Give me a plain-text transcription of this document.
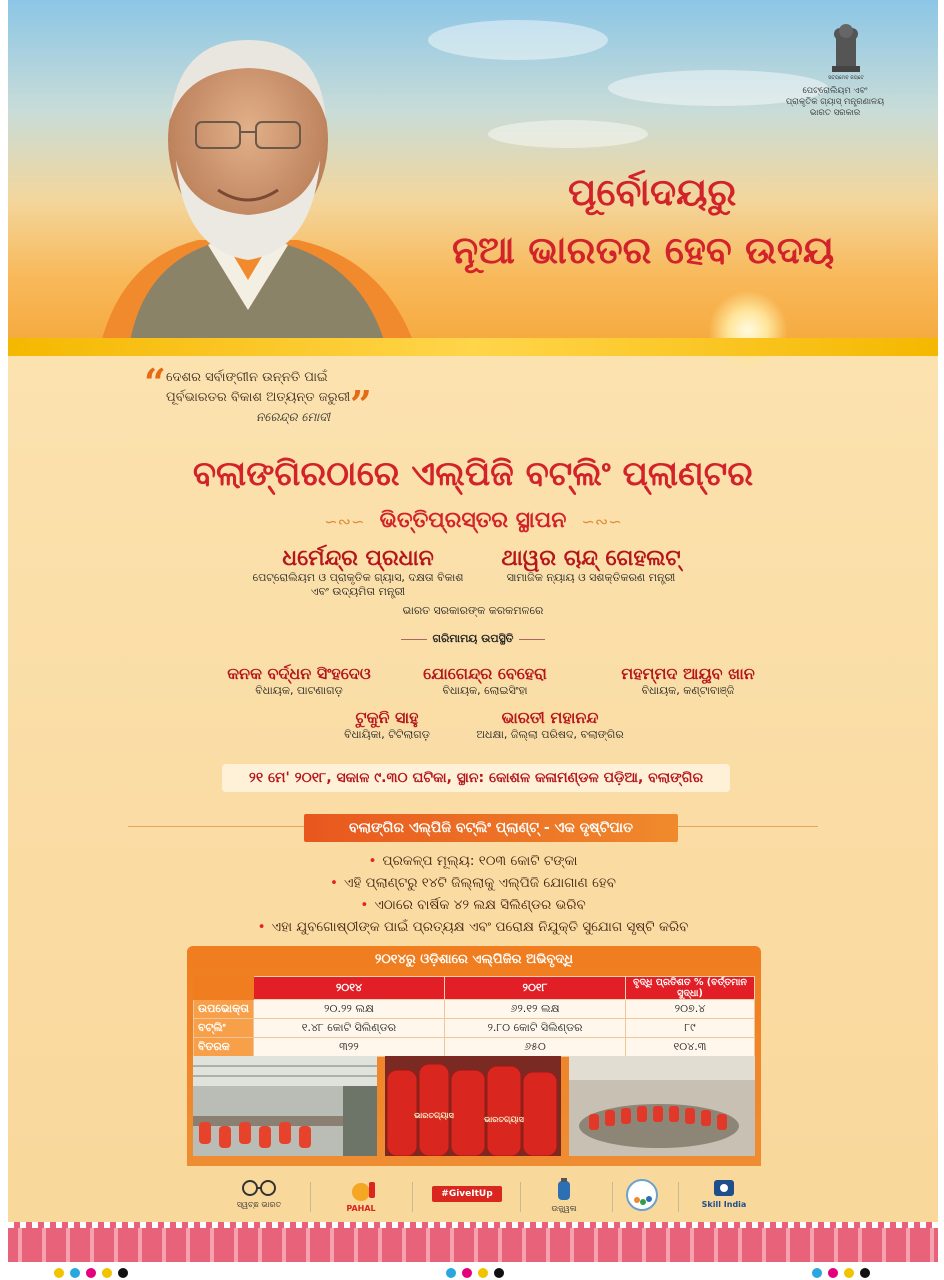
ସତ୍ୟମେବ ଜୟତେ
ପେଟ୍ରୋଲିୟମ ଏବଂ
ପ୍ରାକୃତିକ ଗ୍ୟାସ୍ ମନ୍ତ୍ରଣାଳୟ
ଭାରତ ସରକାର
ପୂର୍ବୋଦୟରୁ
ନୂଆ ଭାରତର ହେବ ଉଦୟ
“ ଦେଶର ସର୍ବାଙ୍ଗୀନ ଉନ୍ନତି ପାଇଁ
ପୂର୍ବଭାରତର ବିକାଶ ଅତ୍ୟନ୍ତ ଜରୁରୀ ”
ନରେନ୍ଦ୍ର ମୋଦୀ
ବଲାଙ୍ଗିରଠାରେ ଏଲ୍‌ପିଜି ବଟ୍‌ଲିଂ ପ୍ଲାଣ୍ଟର
∽∾∽ ଭିତ୍ତିପ୍ରସ୍ତର ସ୍ଥାପନ ∽∾∽
ଧର୍ମେନ୍ଦ୍ର ପ୍ରଧାନ
ପେଟ୍ରୋଲିୟମ ଓ ପ୍ରାକୃତିକ ଗ୍ୟାସ, ଦକ୍ଷତା ବିକାଶ
ଏବଂ ଉଦ୍ୟମିତା ମନ୍ତ୍ରୀ
ଥାୱର ଚାନ୍ଦ୍ ଗେହଲଟ୍
ସାମାଜିକ ନ୍ୟାୟ ଓ ସଶକ୍ତିକରଣ ମନ୍ତ୍ରୀ
ଭାରତ ସରକାରଙ୍କ କରକମଳରେ
ଗରିମାମୟ ଉପସ୍ଥିତି
କନକ ବର୍ଦ୍ଧନ ସିଂହଦେଓ
ବିଧାୟକ, ପାଟଣାଗଡ଼
ଯୋଗେନ୍ଦ୍ର ବେହେରା
ବିଧାୟକ, ଲୋଇସିଂହା
ମହମ୍ମଦ ଆୟୁବ ଖାନ
ବିଧାୟକ, କଣ୍ଟାବାଞ୍ଜି
ଟୁକୁନି ସାହୁ
ବିଧାୟିକା, ଟିଟିଲାଗଡ଼
ଭାରତୀ ମହାନନ୍ଦ
ଅଧକ୍ଷା, ଜିଲ୍ଲା ପରିଷଦ, ବଲାଙ୍ଗିର
୨୧ ମେ' ୨୦୧୮, ସକାଳ ୯.୩୦ ଘଟିକା, ସ୍ଥାନ: କୋଶଳ କଳାମଣ୍ଡଳ ପଡ଼ିଆ, ବଲାଙ୍ଗିର
ବଲାଙ୍ଗିର ଏଲ୍‌ପିଜି ବଟ୍‌ଲିଂ ପ୍ଲାଣ୍ଟ୍ - ଏକ ଦୃଷ୍ଟିପାତ
• ପ୍ରକଳ୍ପ ମୂଲ୍ୟ: ୧୦୩ କୋଟି ଟଙ୍କା
• ଏହି ପ୍ଲାଣ୍ଟରୁ ୧୪ଟି ଜିଲ୍ଲାକୁ ଏଲ୍‌ପିଜି ଯୋଗାଣ ହେବ
• ଏଠାରେ ବାର୍ଷିକ ୪୨ ଲକ୍ଷ ସିଲିଣ୍ଡର ଭରିବ
• ଏହା ଯୁବଗୋଷ୍ଠୀଙ୍କ ପାଇଁ ପ୍ରତ୍ୟକ୍ଷ ଏବଂ ପରୋକ୍ଷ ନିଯୁକ୍ତି ସୁଯୋଗ ସୃଷ୍ଟି କରିବ
୨୦୧୪ରୁ ଓଡ଼ିଶାରେ ଏଲ୍‌ପିଜିର ଅଭିବୃଦ୍ଧି
	୨୦୧୪	୨୦୧୮	ବୃଦ୍ଧି ପ୍ରତିଶତ % (ବର୍ତ୍ତମାନ ସୁଦ୍ଧା)
ଉପଭୋକ୍ତା	୨୦.୨୨ ଲକ୍ଷ	୬୨.୧୨ ଲକ୍ଷ	୨୦୭.୪
ବଟ୍‌ଲିଂ	୧.୪୮ କୋଟି ସିଲିଣ୍ଡର	୨.୮୦ କୋଟି ସିଲିଣ୍ଡର	୮୯
ବିତରକ	୩୨୨	୬୫୦	୧୦୪.୩
ଭାରତଗ୍ୟାସ	ଭାରତଗ୍ୟାସ
ସ୍ୱଚ୍ଛ ଭାରତ	PAHAL
#GiveItUp
ଉଜ୍ଜ୍ୱଳା	Skill India
